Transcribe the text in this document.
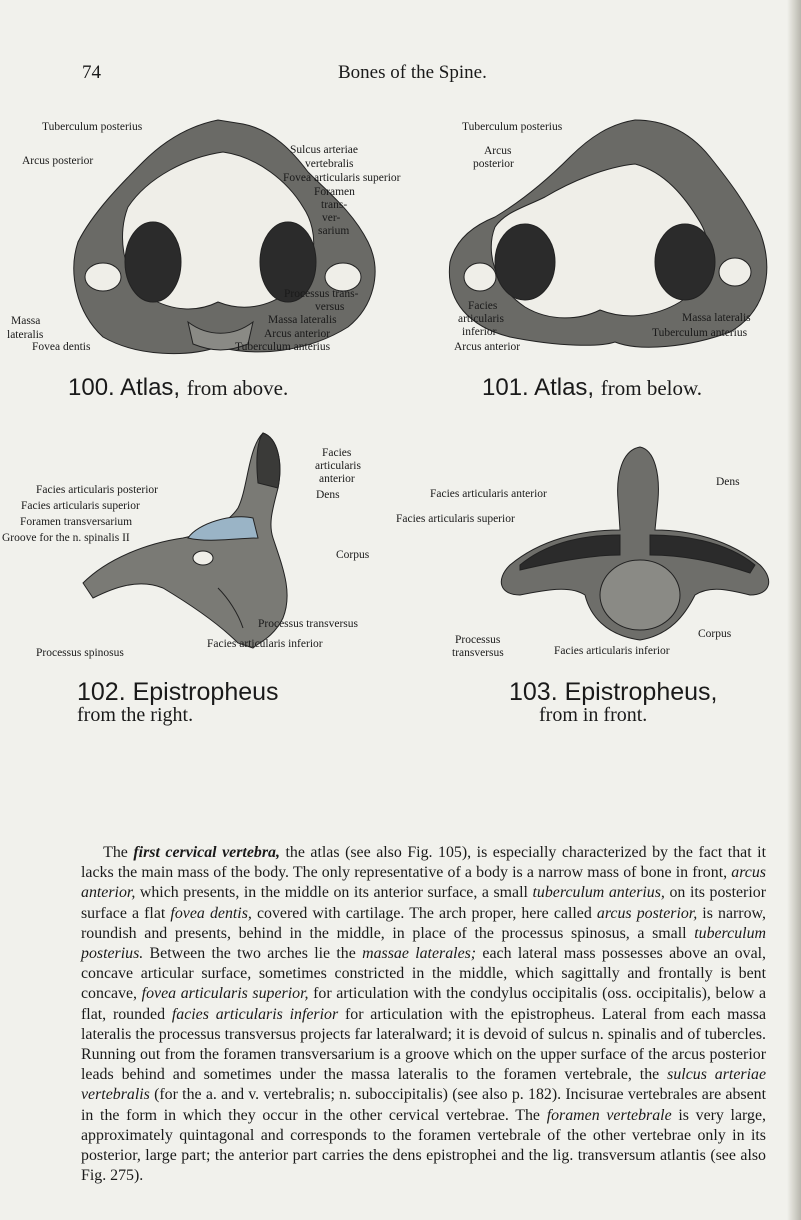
74	Bones of the Spine.
Tuberculum posterius
Arcus posterior
Sulcus arteriae
vertebralis
Fovea articularis superior
Foramen
trans-
ver-
sarium
Processus trans-
versus
Massa lateralis
Massa
lateralis	Arcus anterior
Tuberculum anterius
Fovea dentis
100. Atlas, from above.
Tuberculum posterius
Arcus
posterior
Facies
articularis
inferior
Arcus anterior
Massa lateralis
Tuberculum anterius
101. Atlas, from below.
Facies
articularis
anterior
Facies articularis posterior
Facies articularis superior
Dens
Foramen transversarium
Groove for the n. spinalis II
Corpus
Processus transversus
Facies articularis inferior
Processus spinosus
102. Epistropheus
from the right.
Facies articularis anterior
Facies articularis superior
Dens
Processus
transversus	Facies articularis inferior
Corpus
103. Epistropheus,
from in front.

The first cervical vertebra, the atlas (see also Fig. 105), is especially characterized by the fact that it lacks the main mass of the body. The only representative of a body is a narrow mass of bone in front, arcus anterior, which presents, in the middle on its anterior surface, a small tuberculum anterius, on its posterior surface a flat fovea dentis, covered with cartilage. The arch proper, here called arcus posterior, is narrow, roundish and presents, behind in the middle, in place of the processus spinosus, a small tuberculum posterius. Between the two arches lie the massae laterales; each lateral mass possesses above an oval, concave articular surface, sometimes constricted in the middle, which sagittally and frontally is bent concave, fovea articularis superior, for articulation with the condylus occipitalis (oss. occipitalis), below a flat, rounded facies articularis inferior for articulation with the epistropheus. Lateral from each massa lateralis the processus transversus projects far lateralward; it is devoid of sulcus n. spinalis and of tubercles. Running out from the foramen transversarium is a groove which on the upper surface of the arcus posterior leads behind and sometimes under the massa lateralis to the foramen vertebrale, the sulcus arteriae vertebralis (for the a. and v. vertebralis; n. suboccipitalis) (see also p. 182). Incisurae vertebrales are absent in the form in which they occur in the other cervical vertebrae. The foramen vertebrale is very large, approximately quintagonal and corresponds to the foramen vertebrale of the other vertebrae only in its posterior, large part; the anterior part carries the dens epistrophei and the lig. transversum atlantis (see also Fig. 275).
